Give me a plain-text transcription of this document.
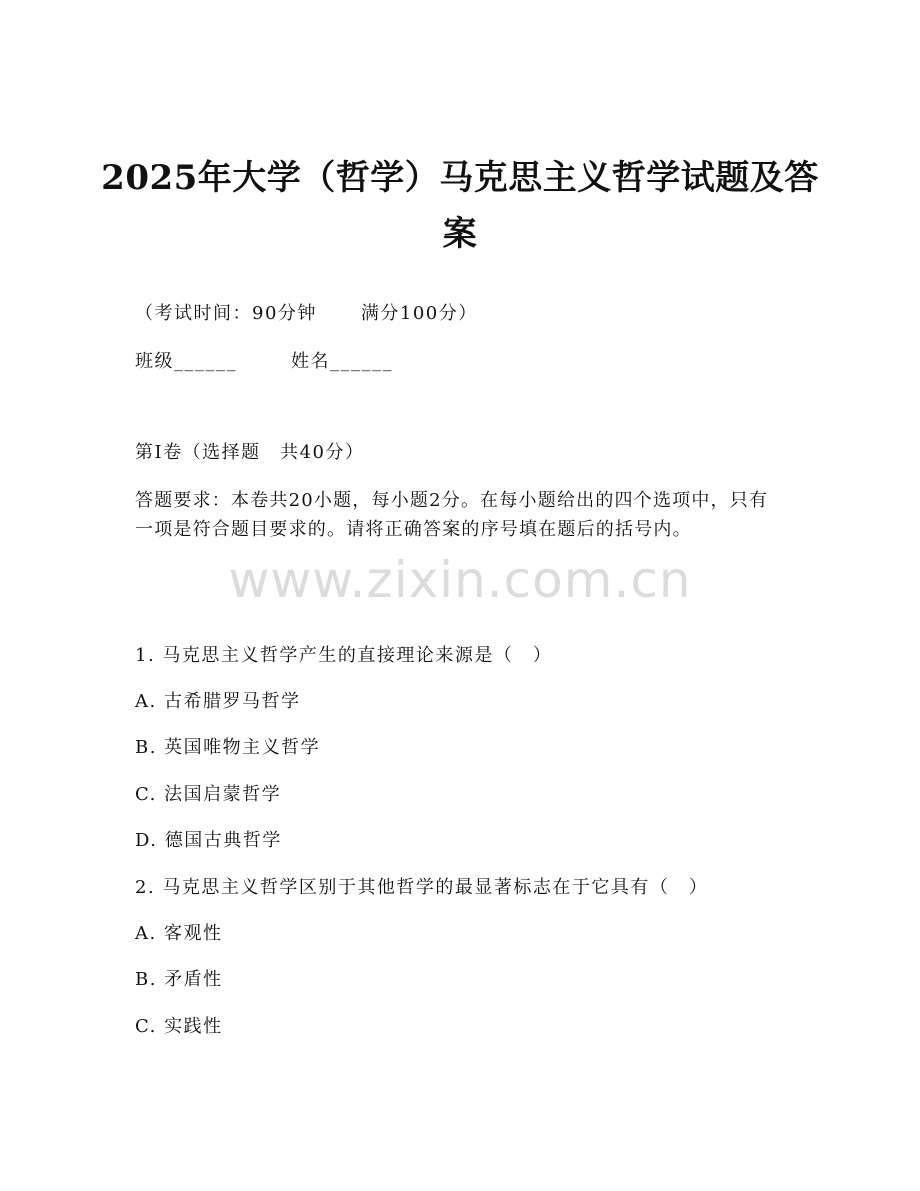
2025年大学（哲学）马克思主义哲学试题及答案
（考试时间：90分钟 满分100分）
班级______	姓名______
第Ⅰ卷（选择题　共40分）
答题要求：本卷共20小题，每小题2分。在每小题给出的四个选项中，只有一项是符合题目要求的。请将正确答案的序号填在题后的括号内。
www.zixin.com.cn
1. 马克思主义哲学产生的直接理论来源是（　）
A. 古希腊罗马哲学
B. 英国唯物主义哲学
C. 法国启蒙哲学
D. 德国古典哲学
2. 马克思主义哲学区别于其他哲学的最显著标志在于它具有（　）
A. 客观性
B. 矛盾性
C. 实践性
